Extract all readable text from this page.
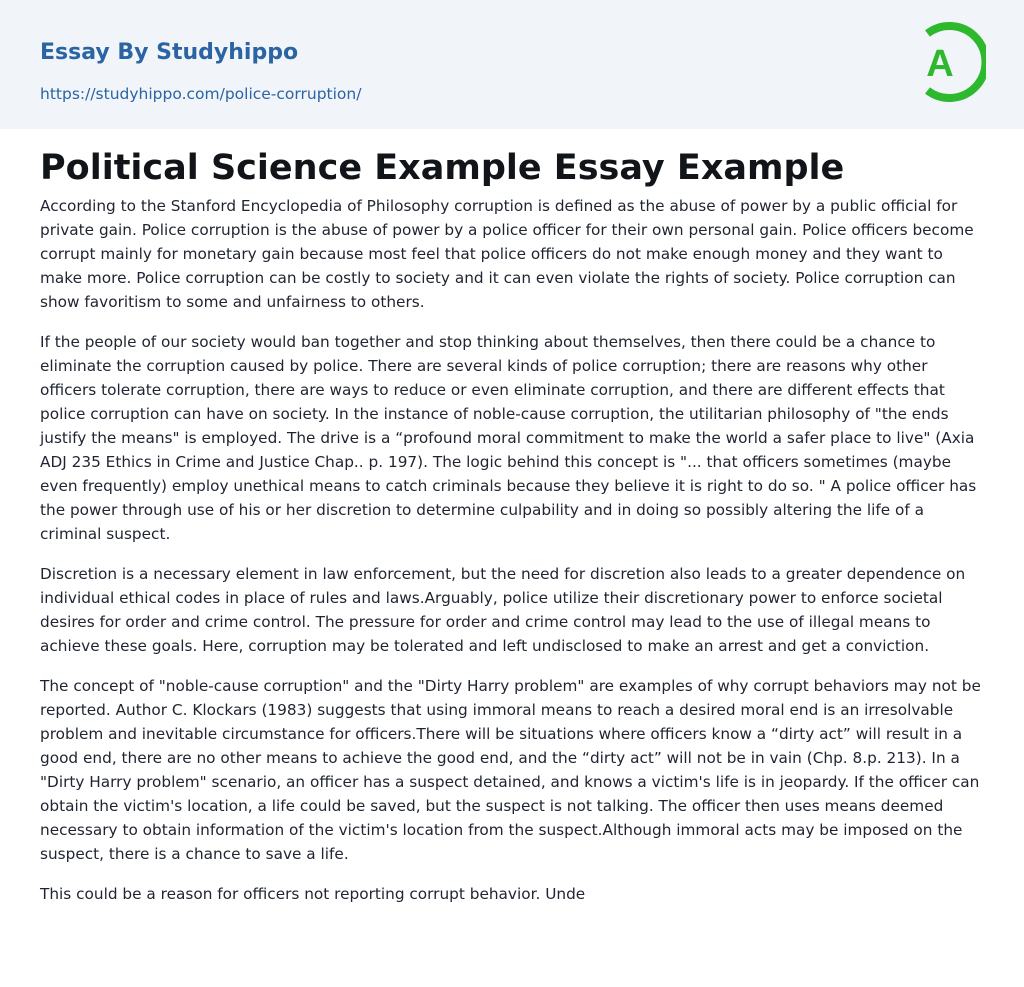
Essay By Studyhippo
https://studyhippo.com/police-corruption/
A
Political Science Example Essay Example

According to the Stanford Encyclopedia of Philosophy corruption is defined as the abuse of power by a public official for private gain. Police corruption is the abuse of power by a police officer for their own personal gain. Police officers become corrupt mainly for monetary gain because most feel that police officers do not make enough money and they want to make more. Police corruption can be costly to society and it can even violate the rights of society. Police corruption can show favoritism to some and unfairness to others.

If the people of our society would ban together and stop thinking about themselves, then there could be a chance to eliminate the corruption caused by police. There are several kinds of police corruption; there are reasons why other officers tolerate corruption, there are ways to reduce or even eliminate corruption, and there are different effects that police corruption can have on society. In the instance of noble-cause corruption, the utilitarian philosophy of "the ends justify the means" is employed. The drive is a “profound moral commitment to make the world a safer place to live" (Axia ADJ 235 Ethics in Crime and Justice Chap.. p. 197). The logic behind this concept is "... that officers sometimes (maybe even frequently) employ unethical means to catch criminals because they believe it is right to do so. " A police officer has the power through use of his or her discretion to determine culpability and in doing so possibly altering the life of a criminal suspect.

Discretion is a necessary element in law enforcement, but the need for discretion also leads to a greater dependence on individual ethical codes in place of rules and laws.Arguably, police utilize their discretionary power to enforce societal desires for order and crime control. The pressure for order and crime control may lead to the use of illegal means to achieve these goals. Here, corruption may be tolerated and left undisclosed to make an arrest and get a conviction.

The concept of "noble-cause corruption" and the "Dirty Harry problem" are examples of why corrupt behaviors may not be reported. Author C. Klockars (1983) suggests that using immoral means to reach a desired moral end is an irresolvable problem and inevitable circumstance for officers.There will be situations where officers know a “dirty act” will result in a good end, there are no other means to achieve the good end, and the “dirty act” will not be in vain (Chp. 8.p. 213). In a "Dirty Harry problem" scenario, an officer has a suspect detained, and knows a victim's life is in jeopardy. If the officer can obtain the victim's location, a life could be saved, but the suspect is not talking. The officer then uses means deemed necessary to obtain information of the victim's location from the suspect.Although immoral acts may be imposed on the suspect, there is a chance to save a life.

This could be a reason for officers not reporting corrupt behavior. Unde
